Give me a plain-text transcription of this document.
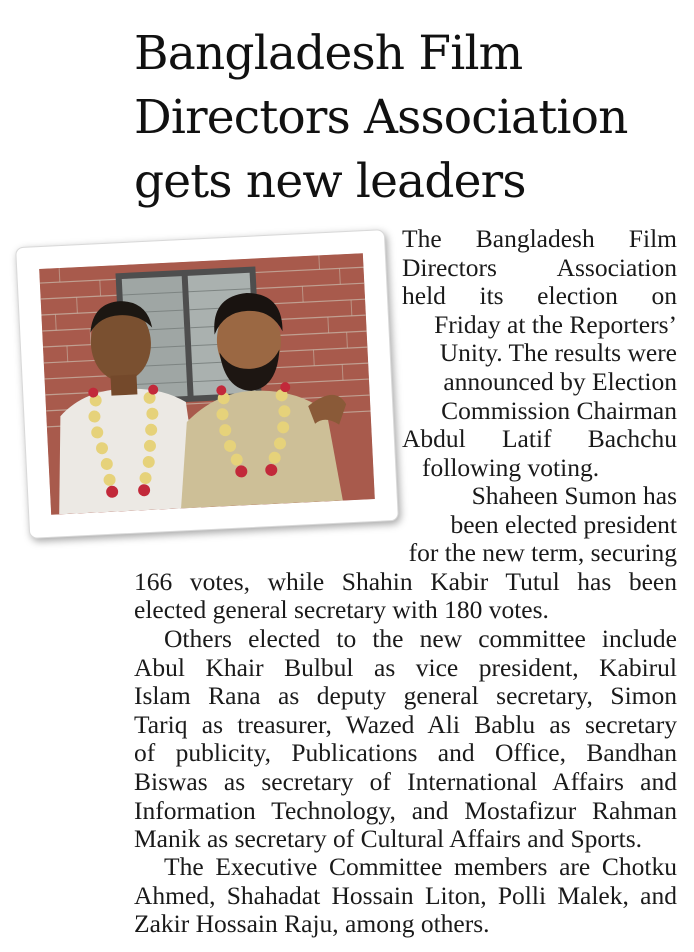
Bangladesh Film
Directors Association
gets new leaders

The Bangladesh Film
Directors Association
held its election on
Friday at the Reporters’
Unity. The results were
announced by Election
Commission Chairman
Abdul Latif Bachchu
following voting.

Shaheen Sumon has
been elected president
for the new term, securing
166 votes, while Shahin Kabir Tutul has been
elected general secretary with 180 votes.

Others elected to the new committee include
Abul Khair Bulbul as vice president, Kabirul
Islam Rana as deputy general secretary, Simon
Tariq as treasurer, Wazed Ali Bablu as secretary
of publicity, Publications and Office, Bandhan
Biswas as secretary of International Affairs and
Information Technology, and Mostafizur Rahman
Manik as secretary of Cultural Affairs and Sports.

The Executive Committee members are Chotku
Ahmed, Shahadat Hossain Liton, Polli Malek, and
Zakir Hossain Raju, among others.
